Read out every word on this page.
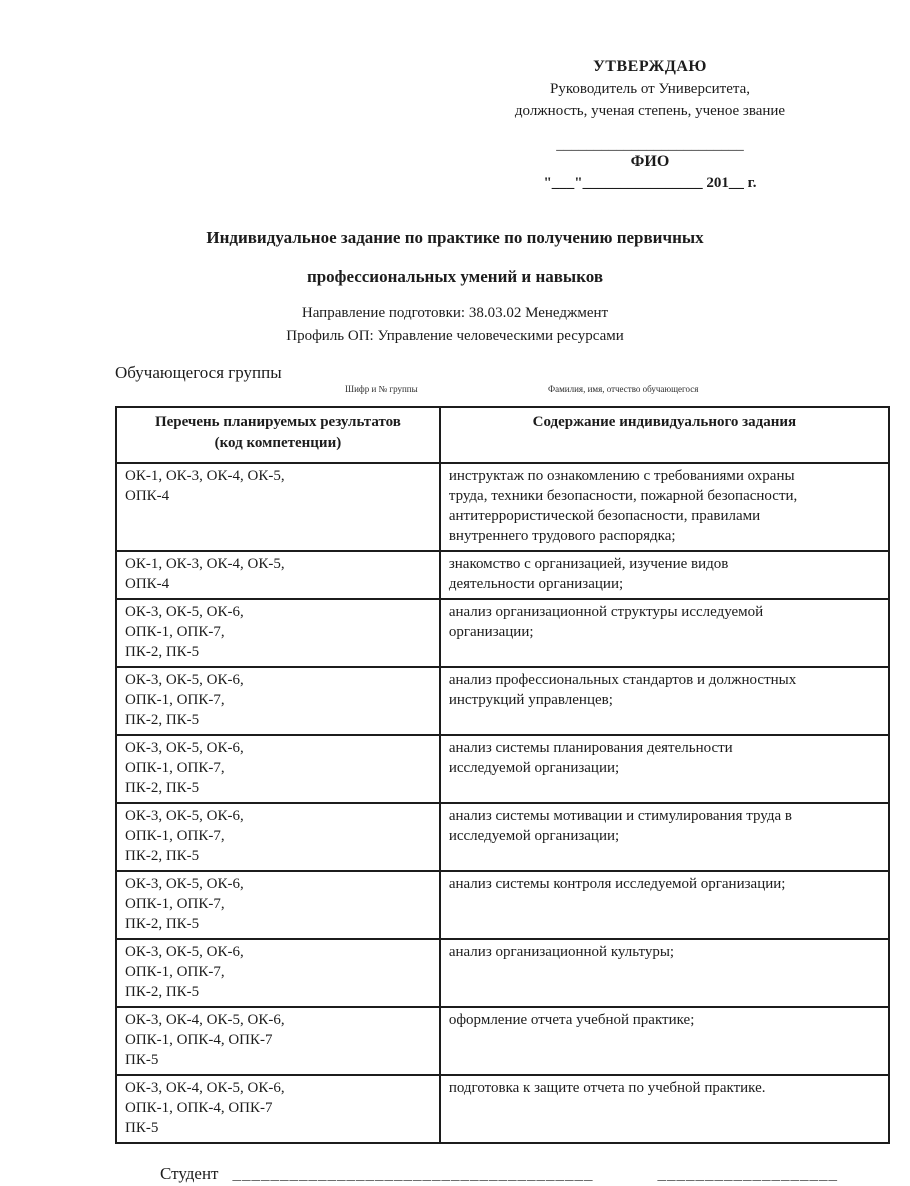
УТВЕРЖДАЮ
Руководитель от Университета,
должность, ученая степень, ученое звание
_________________________
ФИО
"___"________________ 201__ г.
Индивидуальное задание по практике по получению первичных
профессиональных умений и навыков
Направление подготовки: 38.03.02 Менеджмент
Профиль ОП: Управление человеческими ресурсами
Обучающегося группы
Шифр и № группы	Фамилия, имя, отчество обучающегося
Перечень планируемых результатов
(код компетенции)	Содержание индивидуального задания
ОК-1, ОК-3, ОК-4, ОК-5,
ОПК-4	инструктаж по ознакомлению с требованиями охраны
труда, техники безопасности, пожарной безопасности,
антитеррористической безопасности, правилами
внутреннего трудового распорядка;
ОК-1, ОК-3, ОК-4, ОК-5,
ОПК-4	знакомство с организацией, изучение видов
деятельности организации;
ОК-3, ОК-5, ОК-6,
ОПК-1, ОПК-7,
ПК-2, ПК-5	анализ организационной структуры исследуемой
организации;
ОК-3, ОК-5, ОК-6,
ОПК-1, ОПК-7,
ПК-2, ПК-5	анализ профессиональных стандартов и должностных
инструкций управленцев;
ОК-3, ОК-5, ОК-6,
ОПК-1, ОПК-7,
ПК-2, ПК-5	анализ системы планирования деятельности
исследуемой организации;
ОК-3, ОК-5, ОК-6,
ОПК-1, ОПК-7,
ПК-2, ПК-5	анализ системы мотивации и стимулирования труда в
исследуемой организации;
ОК-3, ОК-5, ОК-6,
ОПК-1, ОПК-7,
ПК-2, ПК-5	анализ системы контроля исследуемой организации;
ОК-3, ОК-5, ОК-6,
ОПК-1, ОПК-7,
ПК-2, ПК-5	анализ организационной культуры;
ОК-3, ОК-4, ОК-5, ОК-6,
ОПК-1, ОПК-4, ОПК-7
ПК-5	оформление отчета учебной практике;
ОК-3, ОК-4, ОК-5, ОК-6,
ОПК-1, ОПК-4, ОПК-7
ПК-5	подготовка к защите отчета по учебной практике.
Студент ______________________________________	___________________
